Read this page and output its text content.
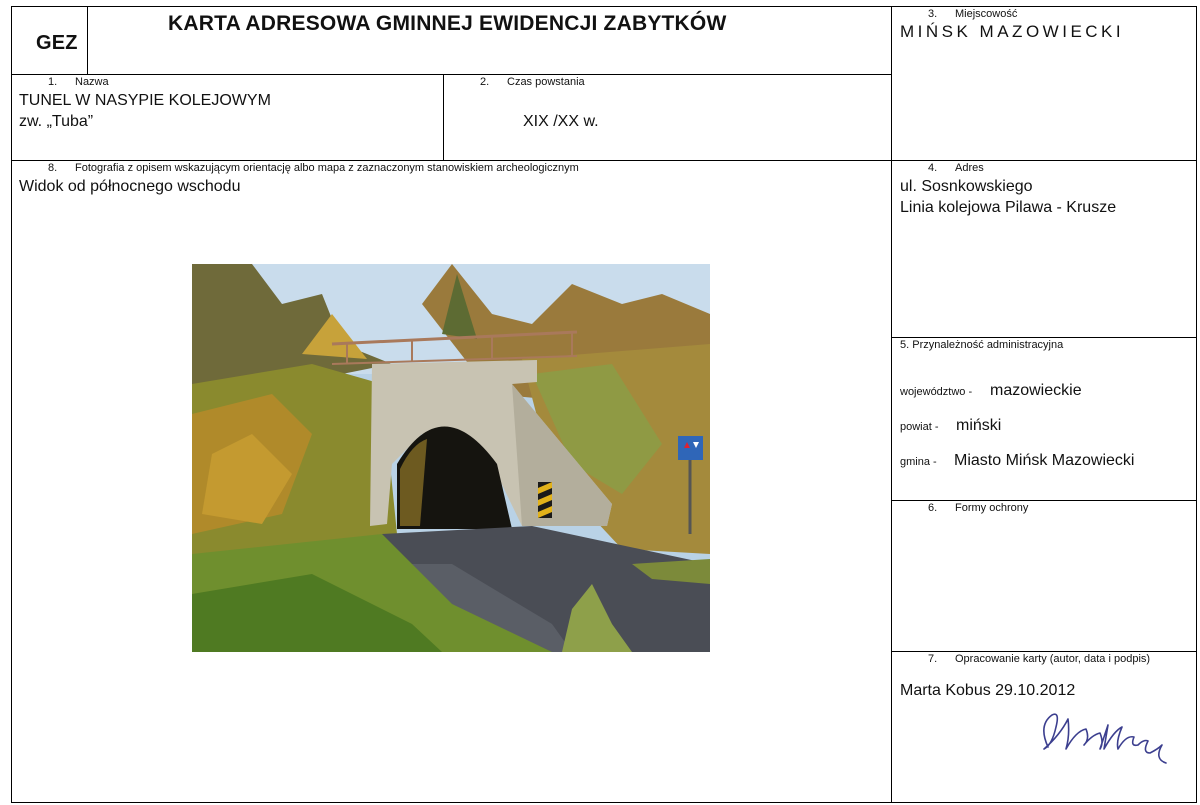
GEZ
KARTA ADRESOWA GMINNEJ EWIDENCJI ZABYTKÓW	3. Miejscowość
MIŃSK MAZOWIECKI
1. Nazwa
TUNEL W NASYPIE KOLEJOWYM
zw. „Tuba”
2. Czas powstania
XIX /XX w.
8. Fotografia z opisem wskazującym orientację albo mapa z zaznaczonym stanowiskiem archeologicznym
Widok od północnego wschodu
4. Adres
ul. Sosnkowskiego
Linia kolejowa Pilawa - Krusze
5. Przynależność administracyjna
województwo - mazowieckie
powiat - miński
gmina - Miasto Mińsk Mazowiecki
6. Formy ochrony
7. Opracowanie karty (autor, data i podpis)
Marta Kobus 29.10.2012
